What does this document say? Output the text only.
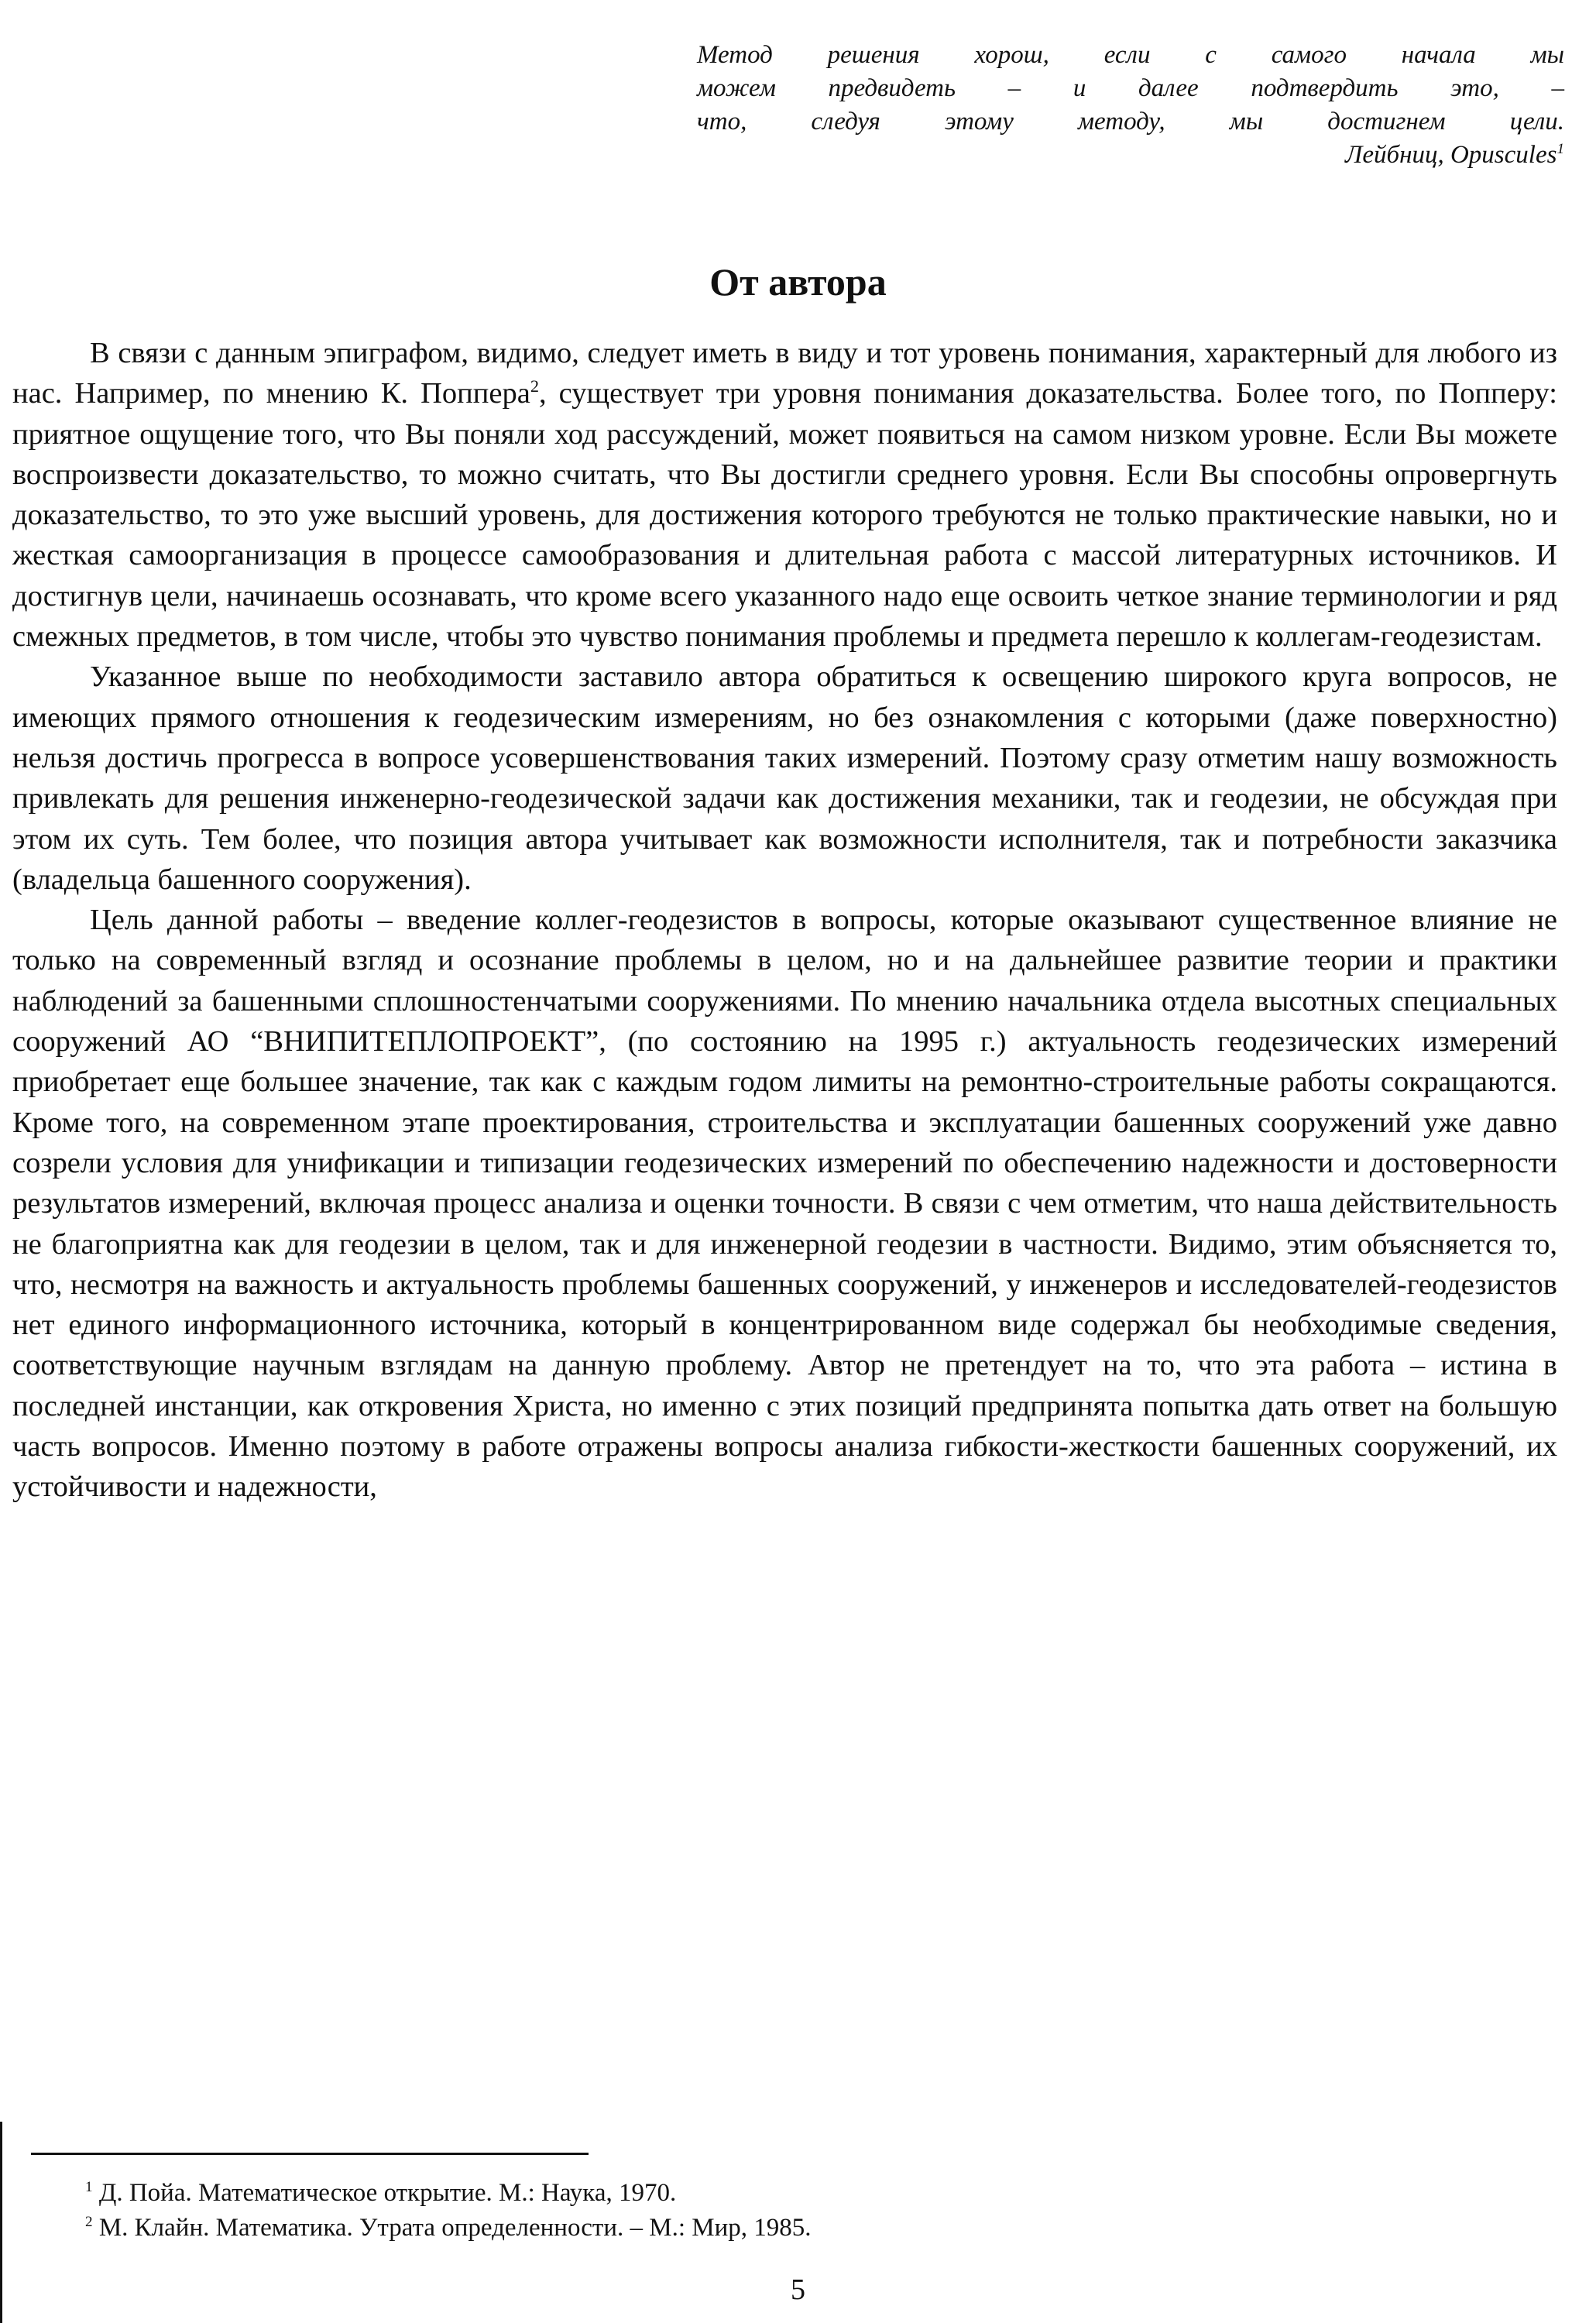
Метод решения хорош, если с самого начала мы
можем предвидеть – и далее подтвердить это, –
что, следуя этому методу, мы достигнем цели.
Лейбниц, Opuscules$^1$
От автора

В связи с данным эпиграфом, видимо, следует иметь в виду и тот уровень понимания, характерный для любого из нас. Например, по мнению К. Поппера$^2$, существует три уровня понимания доказательства. Более того, по Попперу: приятное ощущение того, что Вы поняли ход рассуждений, может появиться на самом низком уровне. Если Вы можете воспроизвести доказательство, то можно считать, что Вы достигли среднего уровня. Если Вы способны опровергнуть доказательство, то это уже высший уровень, для достижения которого требуются не только практические навыки, но и жесткая самоорганизация в процессе самообразования и длительная работа с массой литературных источников. И достигнув цели, начинаешь осознавать, что кроме всего указанного надо еще освоить четкое знание терминологии и ряд смежных предметов, в том числе, чтобы это чувство понимания проблемы и предмета перешло к коллегам-геодезистам.

Указанное выше по необходимости заставило автора обратиться к освещению широкого круга вопросов, не имеющих прямого отношения к геодезическим измерениям, но без ознакомления с которыми (даже поверхностно) нельзя достичь прогресса в вопросе усовершенствования таких измерений. Поэтому сразу отметим нашу возможность привлекать для решения инженерно-геодезической задачи как достижения механики, так и геодезии, не обсуждая при этом их суть. Тем более, что позиция автора учитывает как возможности исполнителя, так и потребности заказчика (владельца башенного сооружения).

Цель данной работы – введение коллег-геодезистов в вопросы, которые оказывают существенное влияние не только на современный взгляд и осознание проблемы в целом, но и на дальнейшее развитие теории и практики наблюдений за башенными сплошностенчатыми сооружениями. По мнению начальника отдела высотных специальных сооружений АО “ВНИПИТЕПЛОПРОЕКТ”, (по состоянию на 1995 г.) актуальность геодезических измерений приобретает еще большее значение, так как с каждым годом лимиты на ремонтно-строительные работы сокращаются. Кроме того, на современном этапе проектирования, строительства и эксплуатации башенных сооружений уже давно созрели условия для унификации и типизации геодезических измерений по обеспечению надежности и достоверности результатов измерений, включая процесс анализа и оценки точности. В связи с чем отметим, что наша действительность не благоприятна как для геодезии в целом, так и для инженерной геодезии в частности. Видимо, этим объясняется то, что, несмотря на важность и актуальность проблемы башенных сооружений, у инженеров и исследователей-геодезистов нет единого информационного источника, который в концентрированном виде содержал бы необходимые сведения, соответствующие научным взглядам на данную проблему. Автор не претендует на то, что эта работа – истина в последней инстанции, как откровения Христа, но именно с этих позиций предпринята попытка дать ответ на большую часть вопросов. Именно поэтому в работе отражены вопросы анализа гибкости-жесткости башенных сооружений, их устойчивости и надежности,

$^1$ Д. Пойа. Математическое открытие. М.: Наука, 1970.
$^2$ М. Клайн. Математика. Утрата определенности. – М.: Мир, 1985.
5
